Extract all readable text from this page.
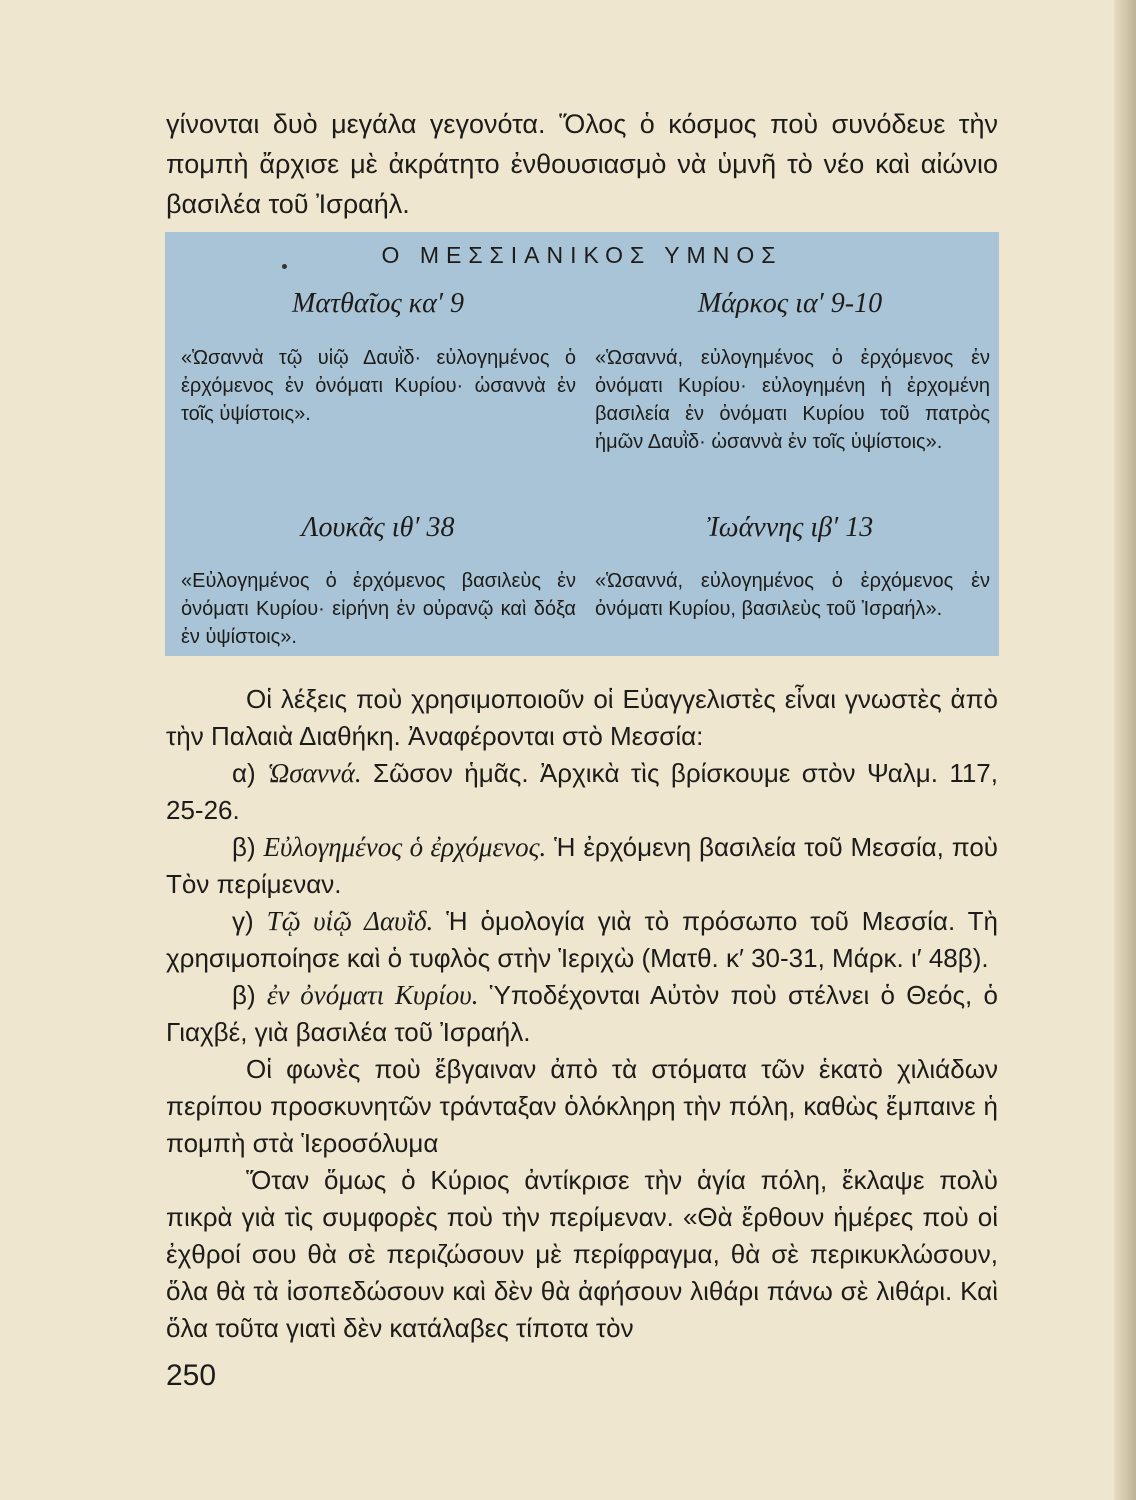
γίνονται δυὸ μεγάλα γεγονότα. Ὅλος ὁ κόσμος ποὺ συνόδευε τὴν πομπὴ ἄρχισε μὲ ἀκράτητο ἐνθουσιασμὸ νὰ ὑμνῆ τὸ νέο καὶ αἰώνιο βασιλέα τοῦ Ἰσραήλ.
Ο ΜΕΣΣΙΑΝΙΚΟΣ ΥΜΝΟΣ
Ματθαῖος κα′ 9
«Ὡσαννὰ τῷ υἱῷ Δαυῒδ· εὐλογημένος ὁ ἐρχόμενος ἐν ὀνόματι Κυρίου· ὡσαννὰ ἐν τοῖς ὑψίστοις».
Μάρκος ια′ 9-10
«Ὡσαννά, εὐλογημένος ὁ ἐρχόμενος ἐν ὀνόματι Κυρίου· εὐλογημένη ἡ ἐρχομένη βασιλεία ἐν ὀνόματι Κυρίου τοῦ πατρὸς ἡμῶν Δαυῒδ· ὡσαννὰ ἐν τοῖς ὑψίστοις».
Λουκᾶς ιθ′ 38
«Εὐλογημένος ὁ ἐρχόμενος βασιλεὺς ἐν ὀνόματι Κυρίου· εἰρήνη ἐν οὐρανῷ καὶ δόξα ἐν ὑψίστοις».
Ἰωάννης ιβ′ 13
«Ὡσαννά, εὐλογημένος ὁ ἐρχόμενος ἐν ὀνόματι Κυρίου, βασιλεὺς τοῦ Ἰσραήλ».

Οἱ λέξεις ποὺ χρησιμοποιοῦν οἱ Εὐαγγελιστὲς εἶναι γνωστὲς ἀπὸ τὴν Παλαιὰ Διαθήκη. Ἀναφέρονται στὸ Μεσσία:

α) Ὡσαννά. Σῶσον ἡμᾶς. Ἀρχικὰ τὶς βρίσκουμε στὸν Ψαλμ. 117, 25-26.

β) Εὐλογημένος ὁ ἐρχόμενος. Ἡ ἐρχόμενη βασιλεία τοῦ Μεσσία, ποὺ Τὸν περίμεναν.

γ) Τῷ υἱῷ Δαυῒδ. Ἡ ὁμολογία γιὰ τὸ πρόσωπο τοῦ Μεσσία. Τὴ χρησιμοποίησε καὶ ὁ τυφλὸς στὴν Ἱεριχὼ (Ματθ. κ′ 30-31, Μάρκ. ι′ 48β).

β) ἐν ὀνόματι Κυρίου. Ὑποδέχονται Αὐτὸν ποὺ στέλνει ὁ Θεός, ὁ Γιαχβέ, γιὰ βασιλέα τοῦ Ἰσραήλ.

Οἱ φωνὲς ποὺ ἔβγαιναν ἀπὸ τὰ στόματα τῶν ἑκατὸ χιλιάδων περίπου προσκυνητῶν τράνταξαν ὁλόκληρη τὴν πόλη, καθὼς ἔμπαινε ἡ πομπὴ στὰ Ἱεροσόλυμα

Ὅταν ὅμως ὁ Κύριος ἀντίκρισε τὴν ἁγία πόλη, ἔκλαψε πολὺ πικρὰ γιὰ τὶς συμφορὲς ποὺ τὴν περίμεναν. «Θὰ ἔρθουν ἡμέρες ποὺ οἱ ἐχθροί σου θὰ σὲ περιζώσουν μὲ περίφραγμα, θὰ σὲ περικυκλώσουν, ὅλα θὰ τὰ ἰσοπεδώσουν καὶ δὲν θὰ ἀφήσουν λιθάρι πάνω σὲ λιθάρι. Καὶ ὅλα τοῦτα γιατὶ δὲν κατάλαβες τίποτα τὸν

250
